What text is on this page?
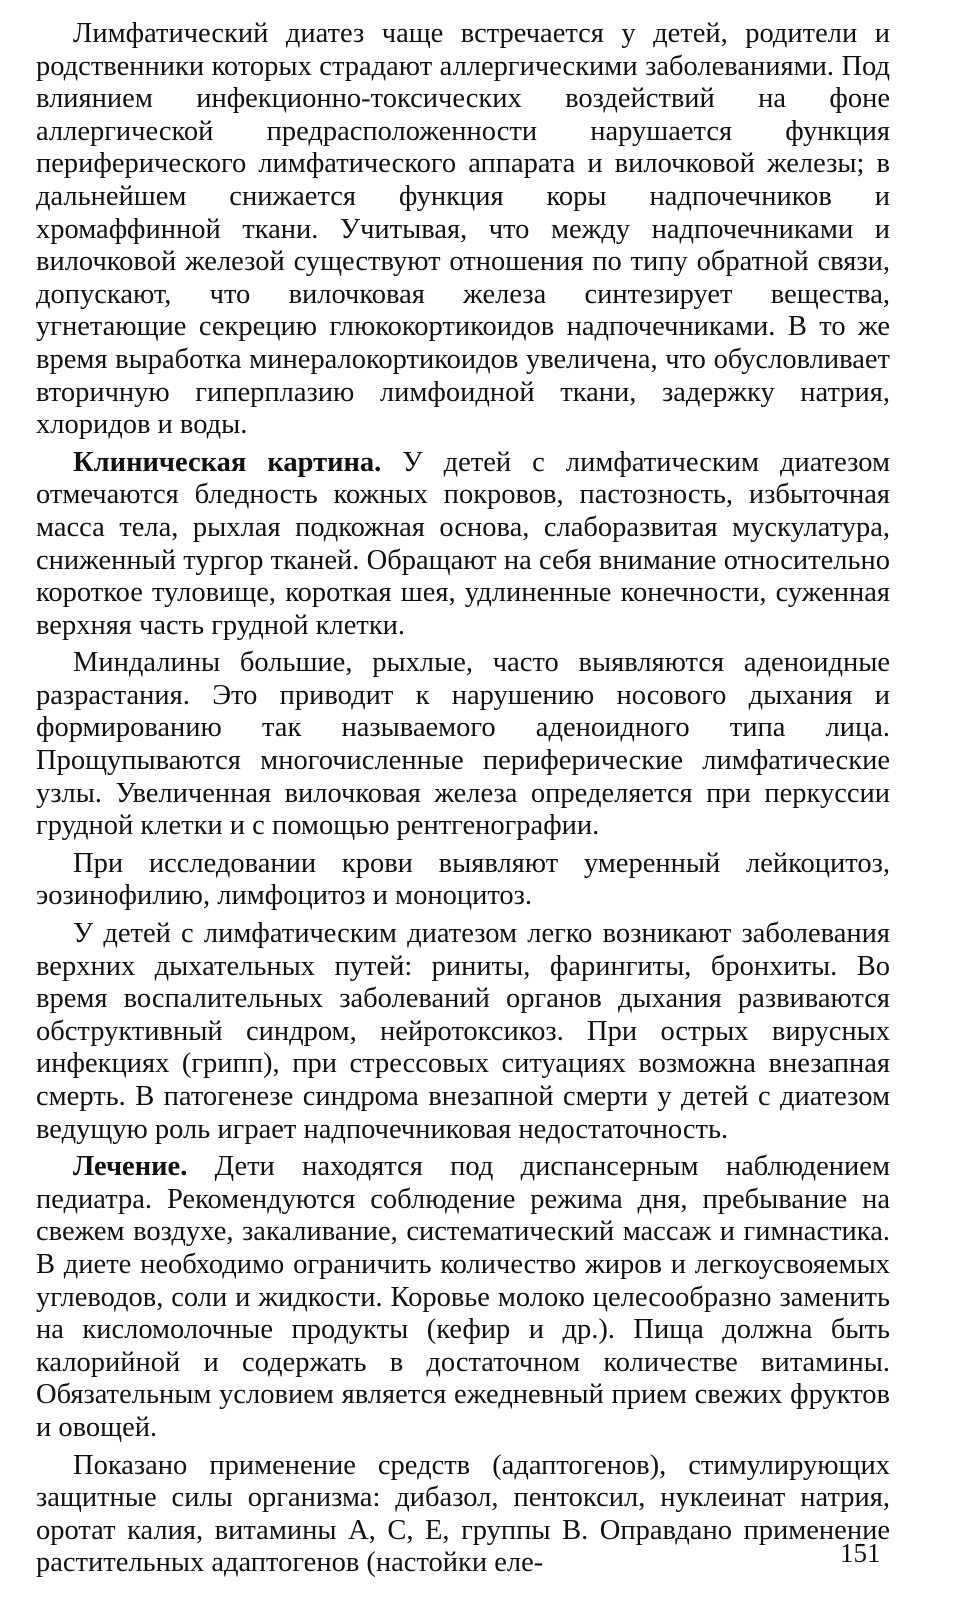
Лимфатический диатез чаще встречается у детей, родители и родственники которых страдают аллергическими заболеваниями. Под влиянием инфекционно-токсических воздействий на фоне аллергической предрасположенности нарушается функция периферического лимфатического аппарата и вилочковой железы; в дальнейшем снижается функция коры надпочечников и хромаффинной ткани. Учитывая, что между надпочечниками и вилочковой железой существуют отношения по типу обратной связи, допускают, что вилочковая железа синтезирует вещества, угнетающие секрецию глюкокортикоидов надпочечниками. В то же время выработка минералокортикоидов увеличена, что обусловливает вторичную гиперплазию лимфоидной ткани, задержку натрия, хлоридов и воды.

Клиническая картина. У детей с лимфатическим диатезом отмечаются бледность кожных покровов, пастозность, избыточная масса тела, рыхлая подкожная основа, слаборазвитая мускулатура, сниженный тургор тканей. Обращают на себя внимание относительно короткое туловище, короткая шея, удлиненные конечности, суженная верхняя часть грудной клетки.

Миндалины большие, рыхлые, часто выявляются аденоидные разрастания. Это приводит к нарушению носового дыхания и формированию так называемого аденоидного типа лица. Прощупываются многочисленные периферические лимфатические узлы. Увеличенная вилочковая железа определяется при перкуссии грудной клетки и с помощью рентгенографии.

При исследовании крови выявляют умеренный лейкоцитоз, эозинофилию, лимфоцитоз и моноцитоз.

У детей с лимфатическим диатезом легко возникают заболевания верхних дыхательных путей: риниты, фарингиты, бронхиты. Во время воспалительных заболеваний органов дыхания развиваются обструктивный синдром, нейротоксикоз. При острых вирусных инфекциях (грипп), при стрессовых ситуациях возможна внезапная смерть. В патогенезе синдрома внезапной смерти у детей с диатезом ведущую роль играет надпочечниковая недостаточность.

Лечение. Дети находятся под диспансерным наблюдением педиатра. Рекомендуются соблюдение режима дня, пребывание на свежем воздухе, закаливание, систематический массаж и гимнастика. В диете необходимо ограничить количество жиров и легкоусвояемых углеводов, соли и жидкости. Коровье молоко целесообразно заменить на кисломолочные продукты (кефир и др.). Пища должна быть калорийной и содержать в достаточном количестве витамины. Обязательным условием является ежедневный прием свежих фруктов и овощей.

Показано применение средств (адаптогенов), стимулирующих защитные силы организма: дибазол, пентоксил, нуклеинат натрия, оротат калия, витамины А, С, Е, группы В. Оправдано применение растительных адаптогенов (настойки еле-	151
